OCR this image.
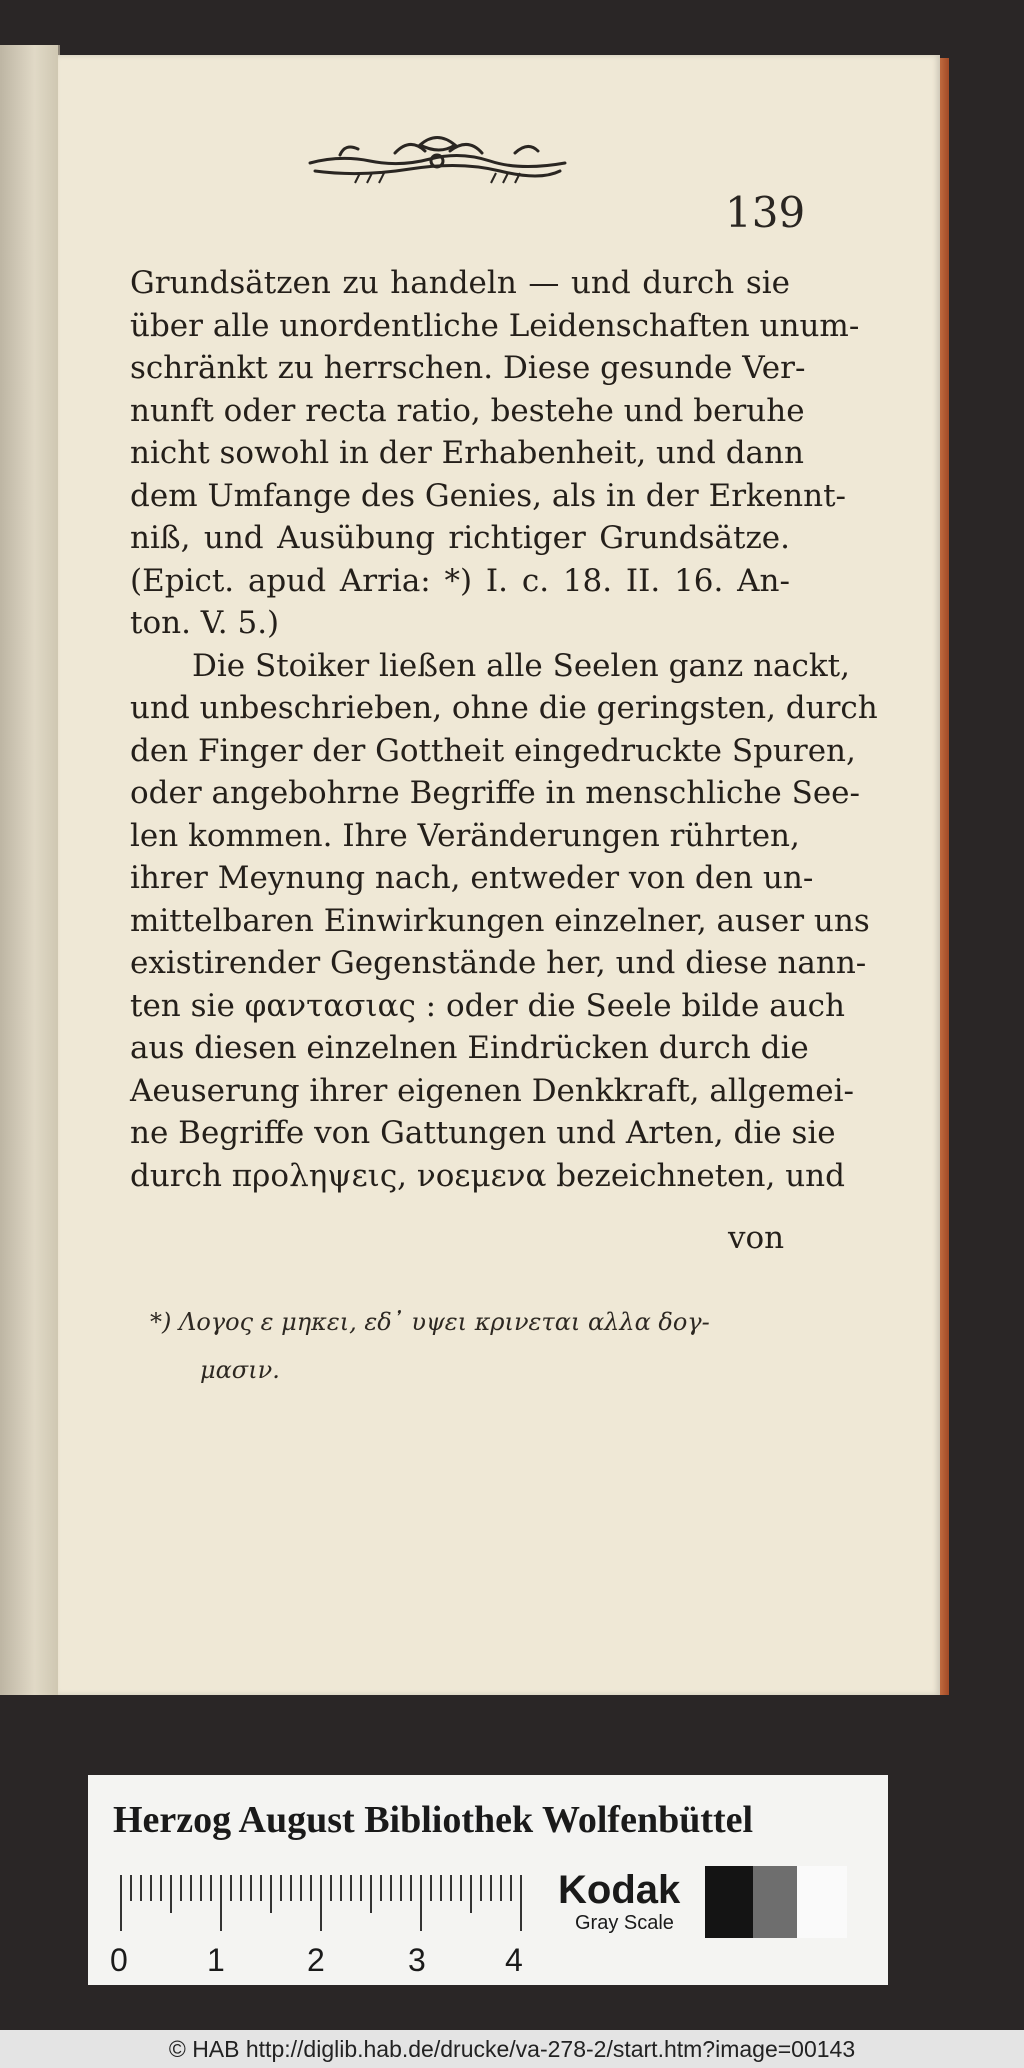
139
Grundsätzen zu handeln — und durch sie
über alle unordentliche Leidenschaften unum-
schränkt zu herrschen. Diese gesunde Ver-
nunft oder recta ratio, bestehe und beruhe
nicht sowohl in der Erhabenheit, und dann
dem Umfange des Genies, als in der Erkennt-
niß, und Ausübung richtiger Grundsätze.
(Epict. apud Arria: *) I. c. 18. II. 16. An-
ton. V. 5.)
Die Stoiker ließen alle Seelen ganz nackt,
und unbeschrieben, ohne die geringsten, durch
den Finger der Gottheit eingedruckte Spuren,
oder angebohrne Begriffe in menschliche See-
len kommen. Ihre Veränderungen rührten,
ihrer Meynung nach, entweder von den un-
mittelbaren Einwirkungen einzelner, auser uns
existirender Gegenstände her, und diese nann-
ten sie φαντασιας : oder die Seele bilde auch
aus diesen einzelnen Eindrücken durch die
Aeuserung ihrer eigenen Denkkraft, allgemei-
ne Begriffe von Gattungen und Arten, die sie
durch προληψεις, νοεμενα bezeichneten, und
von
*) Λογος ε μηκει, εδ᾽ υψει κρινεται αλλα δογ-
μασιν.
Herzog August Bibliothek Wolfenbüttel
0 1	2	3 4
Kodak
Gray Scale
© HAB http://diglib.hab.de/drucke/va-278-2/start.htm?image=00143
